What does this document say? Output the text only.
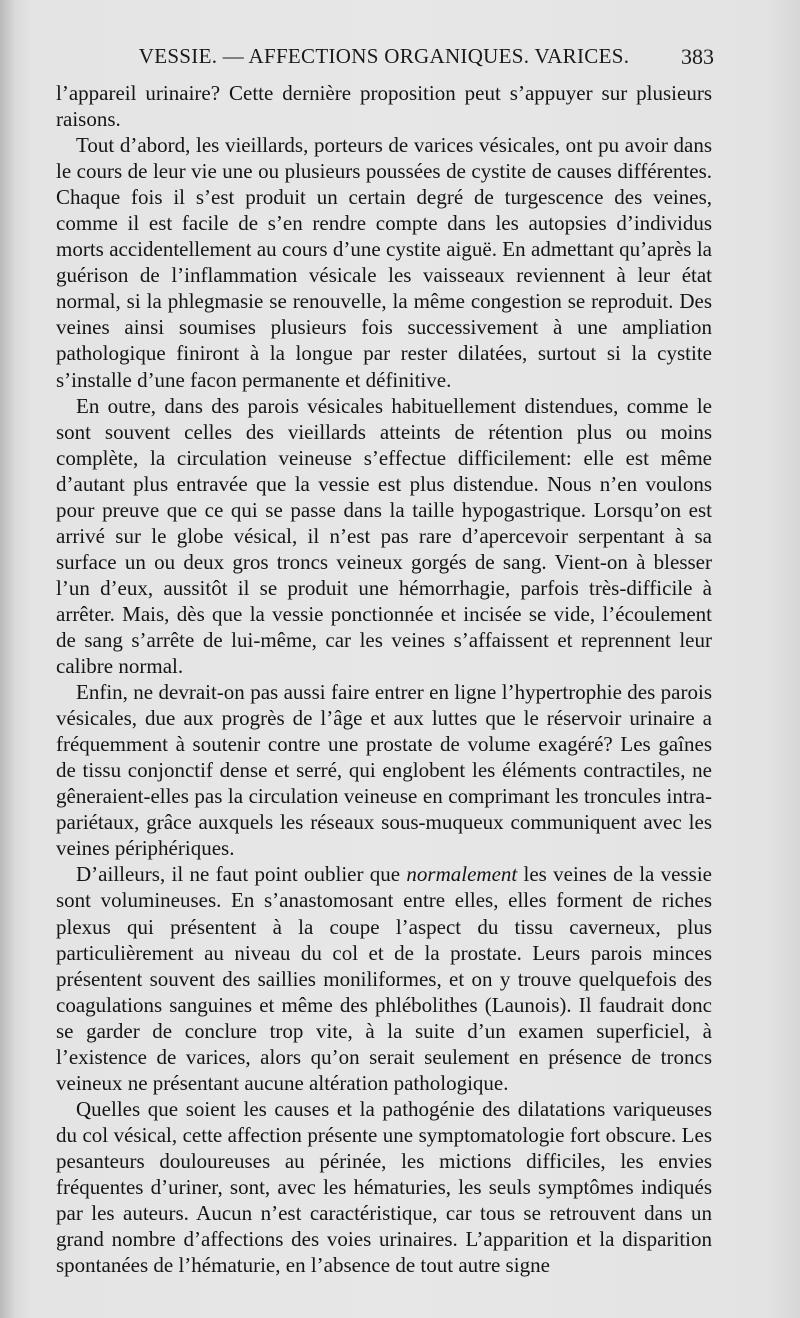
VESSIE. — AFFECTIONS ORGANIQUES. VARICES.	383

l’appareil urinaire? Cette dernière proposition peut s’appuyer sur plusieurs raisons.

Tout d’abord, les vieillards, porteurs de varices vésicales, ont pu avoir dans le cours de leur vie une ou plusieurs poussées de cystite de causes différentes. Chaque fois il s’est produit un certain degré de turgescence des veines, comme il est facile de s’en rendre compte dans les autopsies d’individus morts accidentellement au cours d’une cystite aiguë. En admettant qu’après la guérison de l’inflammation vésicale les vaisseaux reviennent à leur état normal, si la phlegmasie se renouvelle, la même congestion se reproduit. Des veines ainsi soumises plusieurs fois successivement à une ampliation pathologique finiront à la longue par rester dilatées, surtout si la cystite s’installe d’une facon permanente et définitive.

En outre, dans des parois vésicales habituellement distendues, comme le sont souvent celles des vieillards atteints de rétention plus ou moins complète, la circulation veineuse s’effectue difficilement: elle est même d’autant plus entravée que la vessie est plus distendue. Nous n’en voulons pour preuve que ce qui se passe dans la taille hypogastrique. Lorsqu’on est arrivé sur le globe vésical, il n’est pas rare d’apercevoir serpentant à sa surface un ou deux gros troncs veineux gorgés de sang. Vient-on à blesser l’un d’eux, aussitôt il se produit une hémorrhagie, parfois très-difficile à arrêter. Mais, dès que la vessie ponctionnée et incisée se vide, l’écoulement de sang s’arrête de lui-même, car les veines s’affaissent et reprennent leur calibre normal.

Enfin, ne devrait-on pas aussi faire entrer en ligne l’hypertrophie des parois vésicales, due aux progrès de l’âge et aux luttes que le réservoir urinaire a fréquemment à soutenir contre une prostate de volume exagéré? Les gaînes de tissu conjonctif dense et serré, qui englobent les éléments contractiles, ne gêneraient-elles pas la circulation veineuse en comprimant les troncules intra-pariétaux, grâce auxquels les réseaux sous-muqueux communiquent avec les veines périphériques.

D’ailleurs, il ne faut point oublier que normalement les veines de la vessie sont volumineuses. En s’anastomosant entre elles, elles forment de riches plexus qui présentent à la coupe l’aspect du tissu caverneux, plus particulièrement au niveau du col et de la prostate. Leurs parois minces présentent souvent des saillies moniliformes, et on y trouve quelquefois des coagulations sanguines et même des phlébolithes (Launois). Il faudrait donc se garder de conclure trop vite, à la suite d’un examen superficiel, à l’existence de varices, alors qu’on serait seulement en présence de troncs veineux ne présentant aucune altération pathologique.

Quelles que soient les causes et la pathogénie des dilatations variqueuses du col vésical, cette affection présente une symptomatologie fort obscure. Les pesanteurs douloureuses au périnée, les mictions difficiles, les envies fréquentes d’uriner, sont, avec les hématuries, les seuls symptômes indiqués par les auteurs. Aucun n’est caractéristique, car tous se retrouvent dans un grand nombre d’affections des voies urinaires. L’apparition et la disparition spontanées de l’hématurie, en l’absence de tout autre signe
